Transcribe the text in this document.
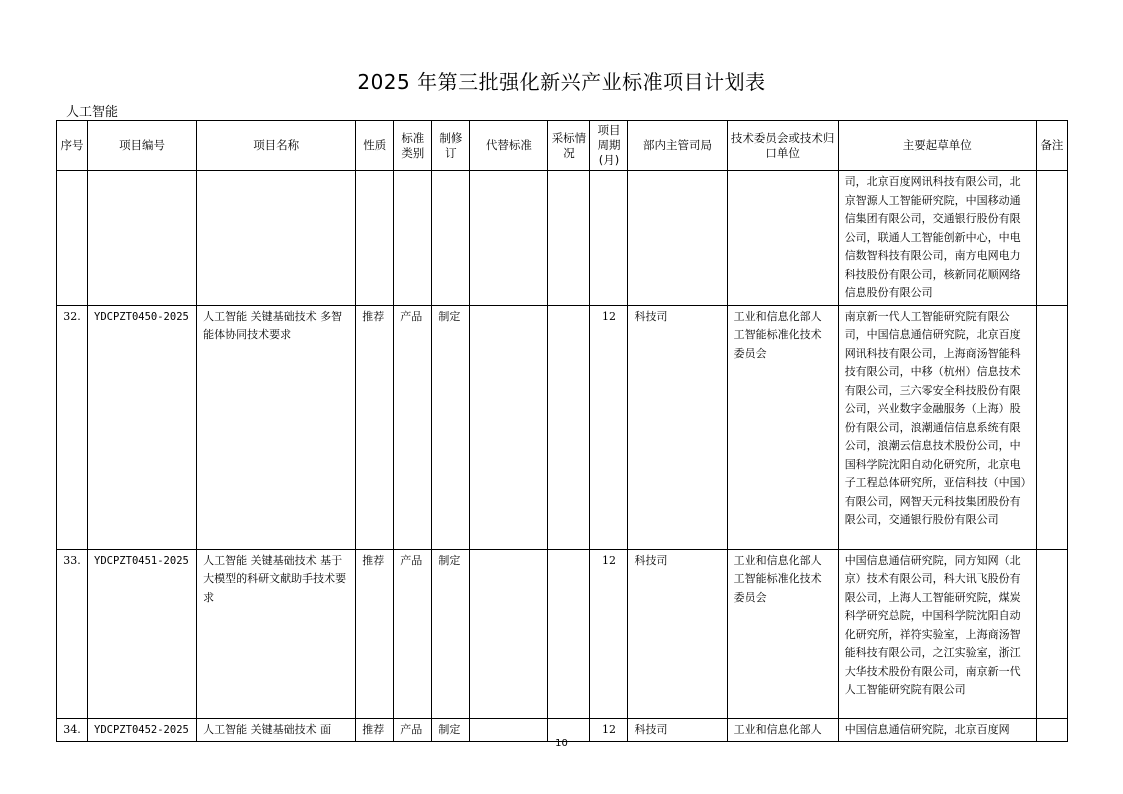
2025 年第三批强化新兴产业标准项目计划表
人工智能
序号	项目编号	项目名称	性质	标准类别	制修订	代替标准	采标情况	项目周期(月)	部内主管司局	技术委员会或技术归口单位	主要起草单位	备注
											司，北京百度网讯科技有限公司，北京智源人工智能研究院，中国移动通信集团有限公司，交通银行股份有限公司，联通人工智能创新中心，中电信数智科技有限公司，南方电网电力科技股份有限公司，核新同花顺网络信息股份有限公司	
32.	YDCPZT0450-2025	人工智能 关键基础技术 多智能体协同技术要求	推荐	产品	制定			12	科技司	工业和信息化部人工智能标准化技术委员会	南京新一代人工智能研究院有限公司，中国信息通信研究院，北京百度网讯科技有限公司，上海商汤智能科技有限公司，中移（杭州）信息技术有限公司，三六零安全科技股份有限公司，兴业数字金融服务（上海）股份有限公司，浪潮通信信息系统有限公司，浪潮云信息技术股份公司，中国科学院沈阳自动化研究所，北京电子工程总体研究所，亚信科技（中国）有限公司，网智天元科技集团股份有限公司，交通银行股份有限公司	
33.	YDCPZT0451-2025	人工智能 关键基础技术 基于大模型的科研文献助手技术要求	推荐	产品	制定			12	科技司	工业和信息化部人工智能标准化技术委员会	中国信息通信研究院，同方知网（北京）技术有限公司，科大讯飞股份有限公司，上海人工智能研究院，煤炭科学研究总院，中国科学院沈阳自动化研究所，祥符实验室，上海商汤智能科技有限公司，之江实验室，浙江大华技术股份有限公司，南京新一代人工智能研究院有限公司	
34.	YDCPZT0452-2025	人工智能 关键基础技术 面	推荐	产品	制定			12	科技司	工业和信息化部人	中国信息通信研究院，北京百度网	
10
